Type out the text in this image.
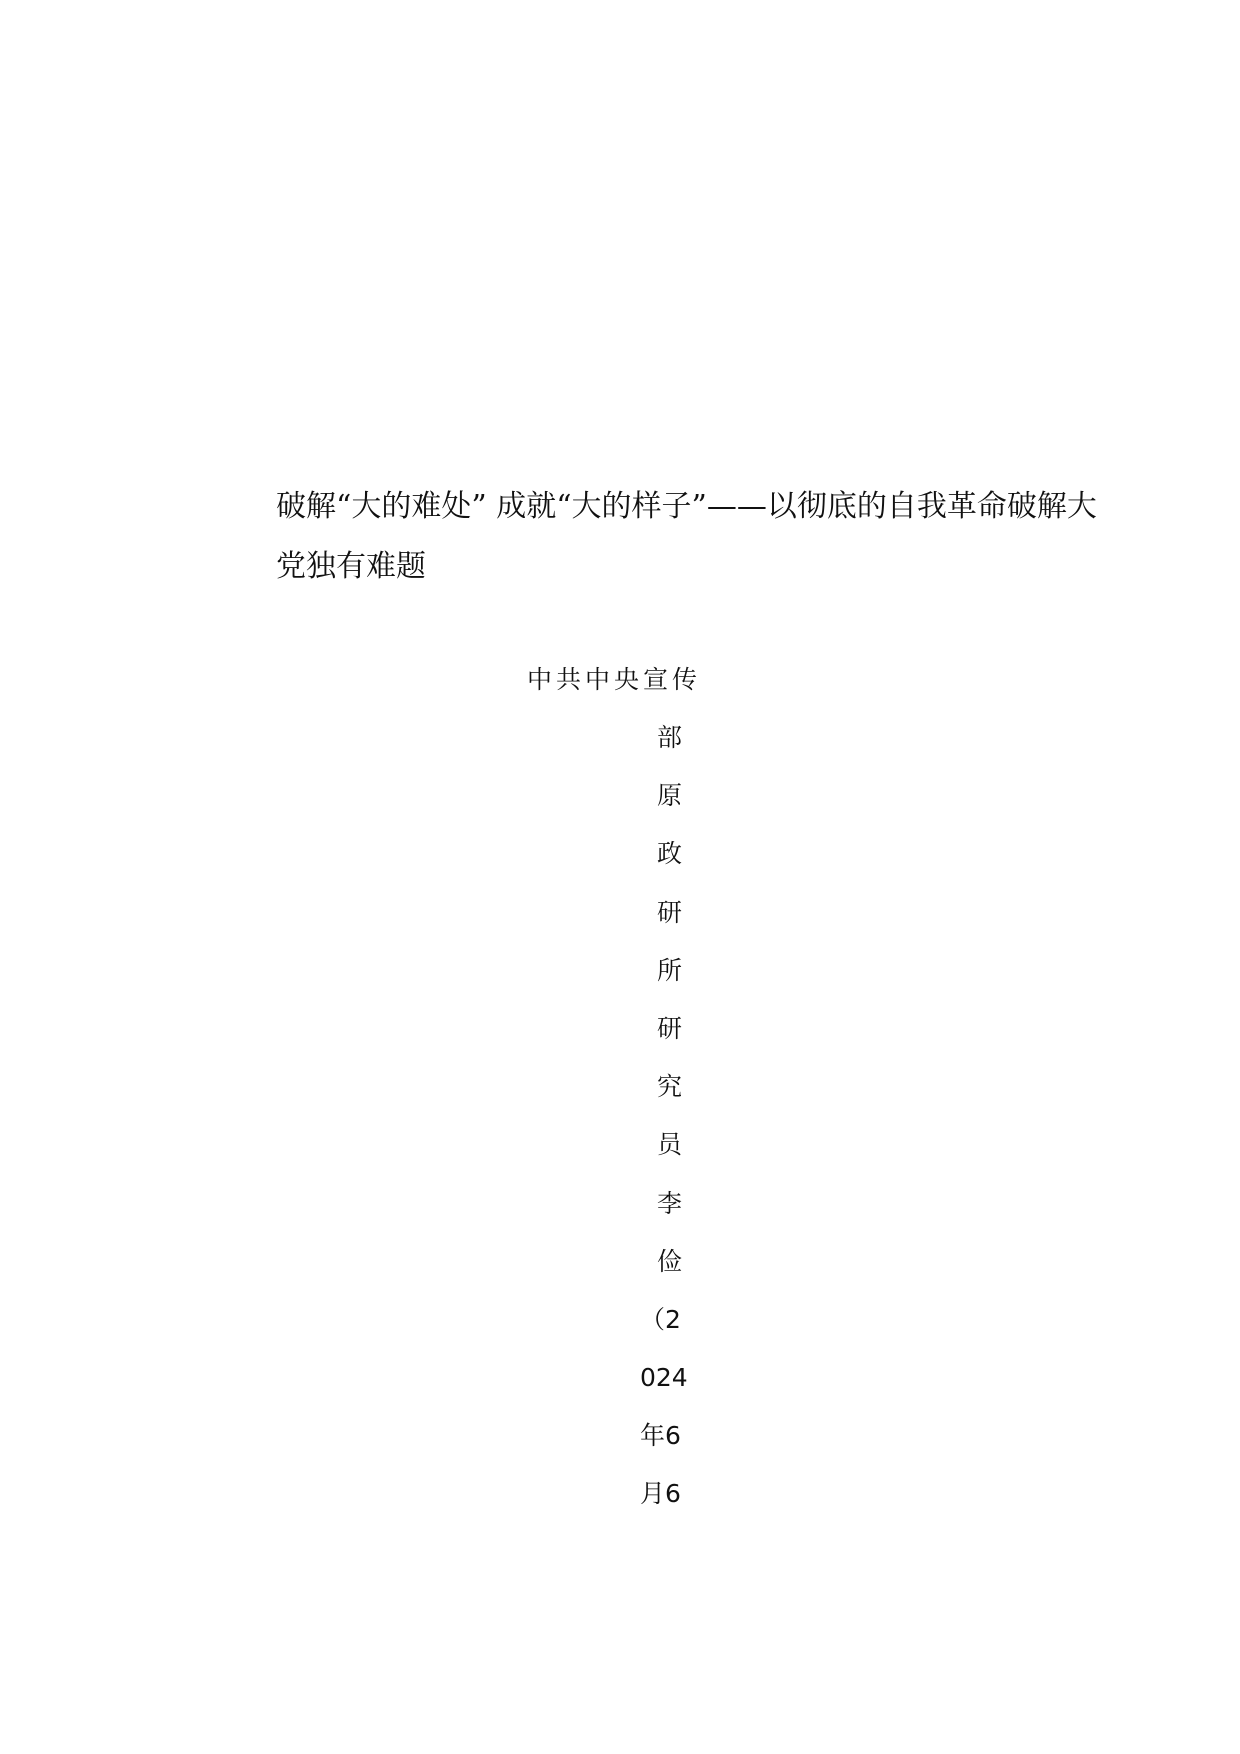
破解“大的难处” 成就“大的样子”——以彻底的自我革命破解大
党独有难题
中共中央宣传
部
原
政
研
所
研
究
员
李
俭
（2
024
年6
月6
